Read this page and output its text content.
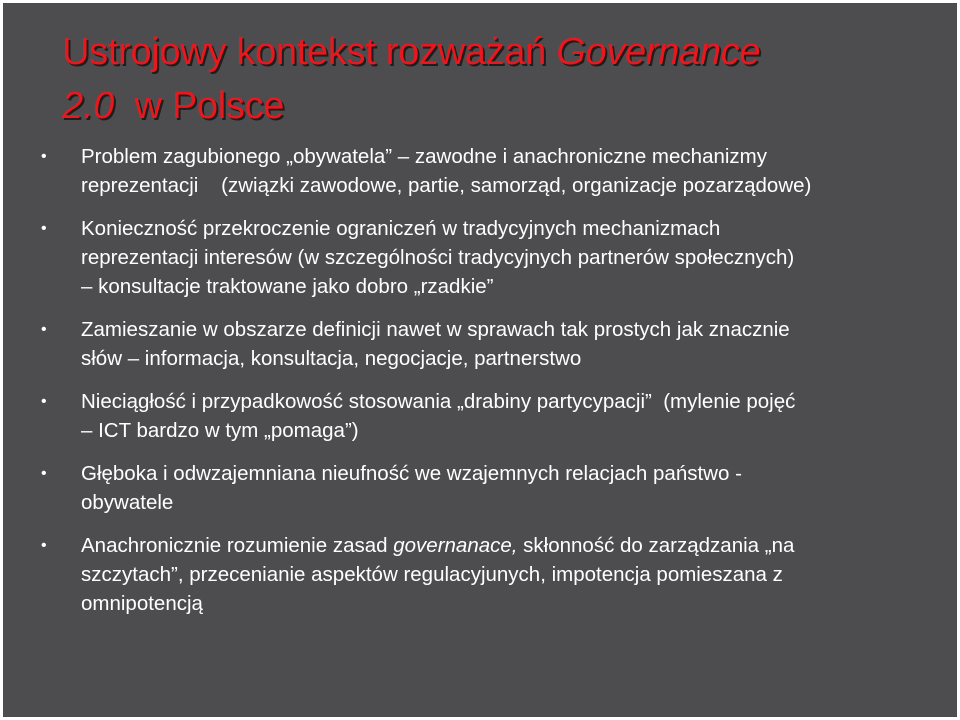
Ustrojowy kontekst rozważań Governance
2.0  w Polsce
• Problem zagubionego „obywatela” – zawodne i anachroniczne mechanizmy
reprezentacji    (związki zawodowe, partie, samorząd, organizacje pozarządowe)
• Konieczność przekroczenie ograniczeń w tradycyjnych mechanizmach
reprezentacji interesów (w szczególności tradycyjnych partnerów społecznych)
– konsultacje traktowane jako dobro „rzadkie”
• Zamieszanie w obszarze definicji nawet w sprawach tak prostych jak znacznie
słów – informacja, konsultacja, negocjacje, partnerstwo
• Nieciągłość i przypadkowość stosowania „drabiny partycypacji”  (mylenie pojęć
– ICT bardzo w tym „pomaga”)
• Głęboka i odwzajemniana nieufność we wzajemnych relacjach państwo -
obywatele
• Anachronicznie rozumienie zasad governanace, skłonność do zarządzania „na
szczytach”, przecenianie aspektów regulacyjunych, impotencja pomieszana z
omnipotencją
